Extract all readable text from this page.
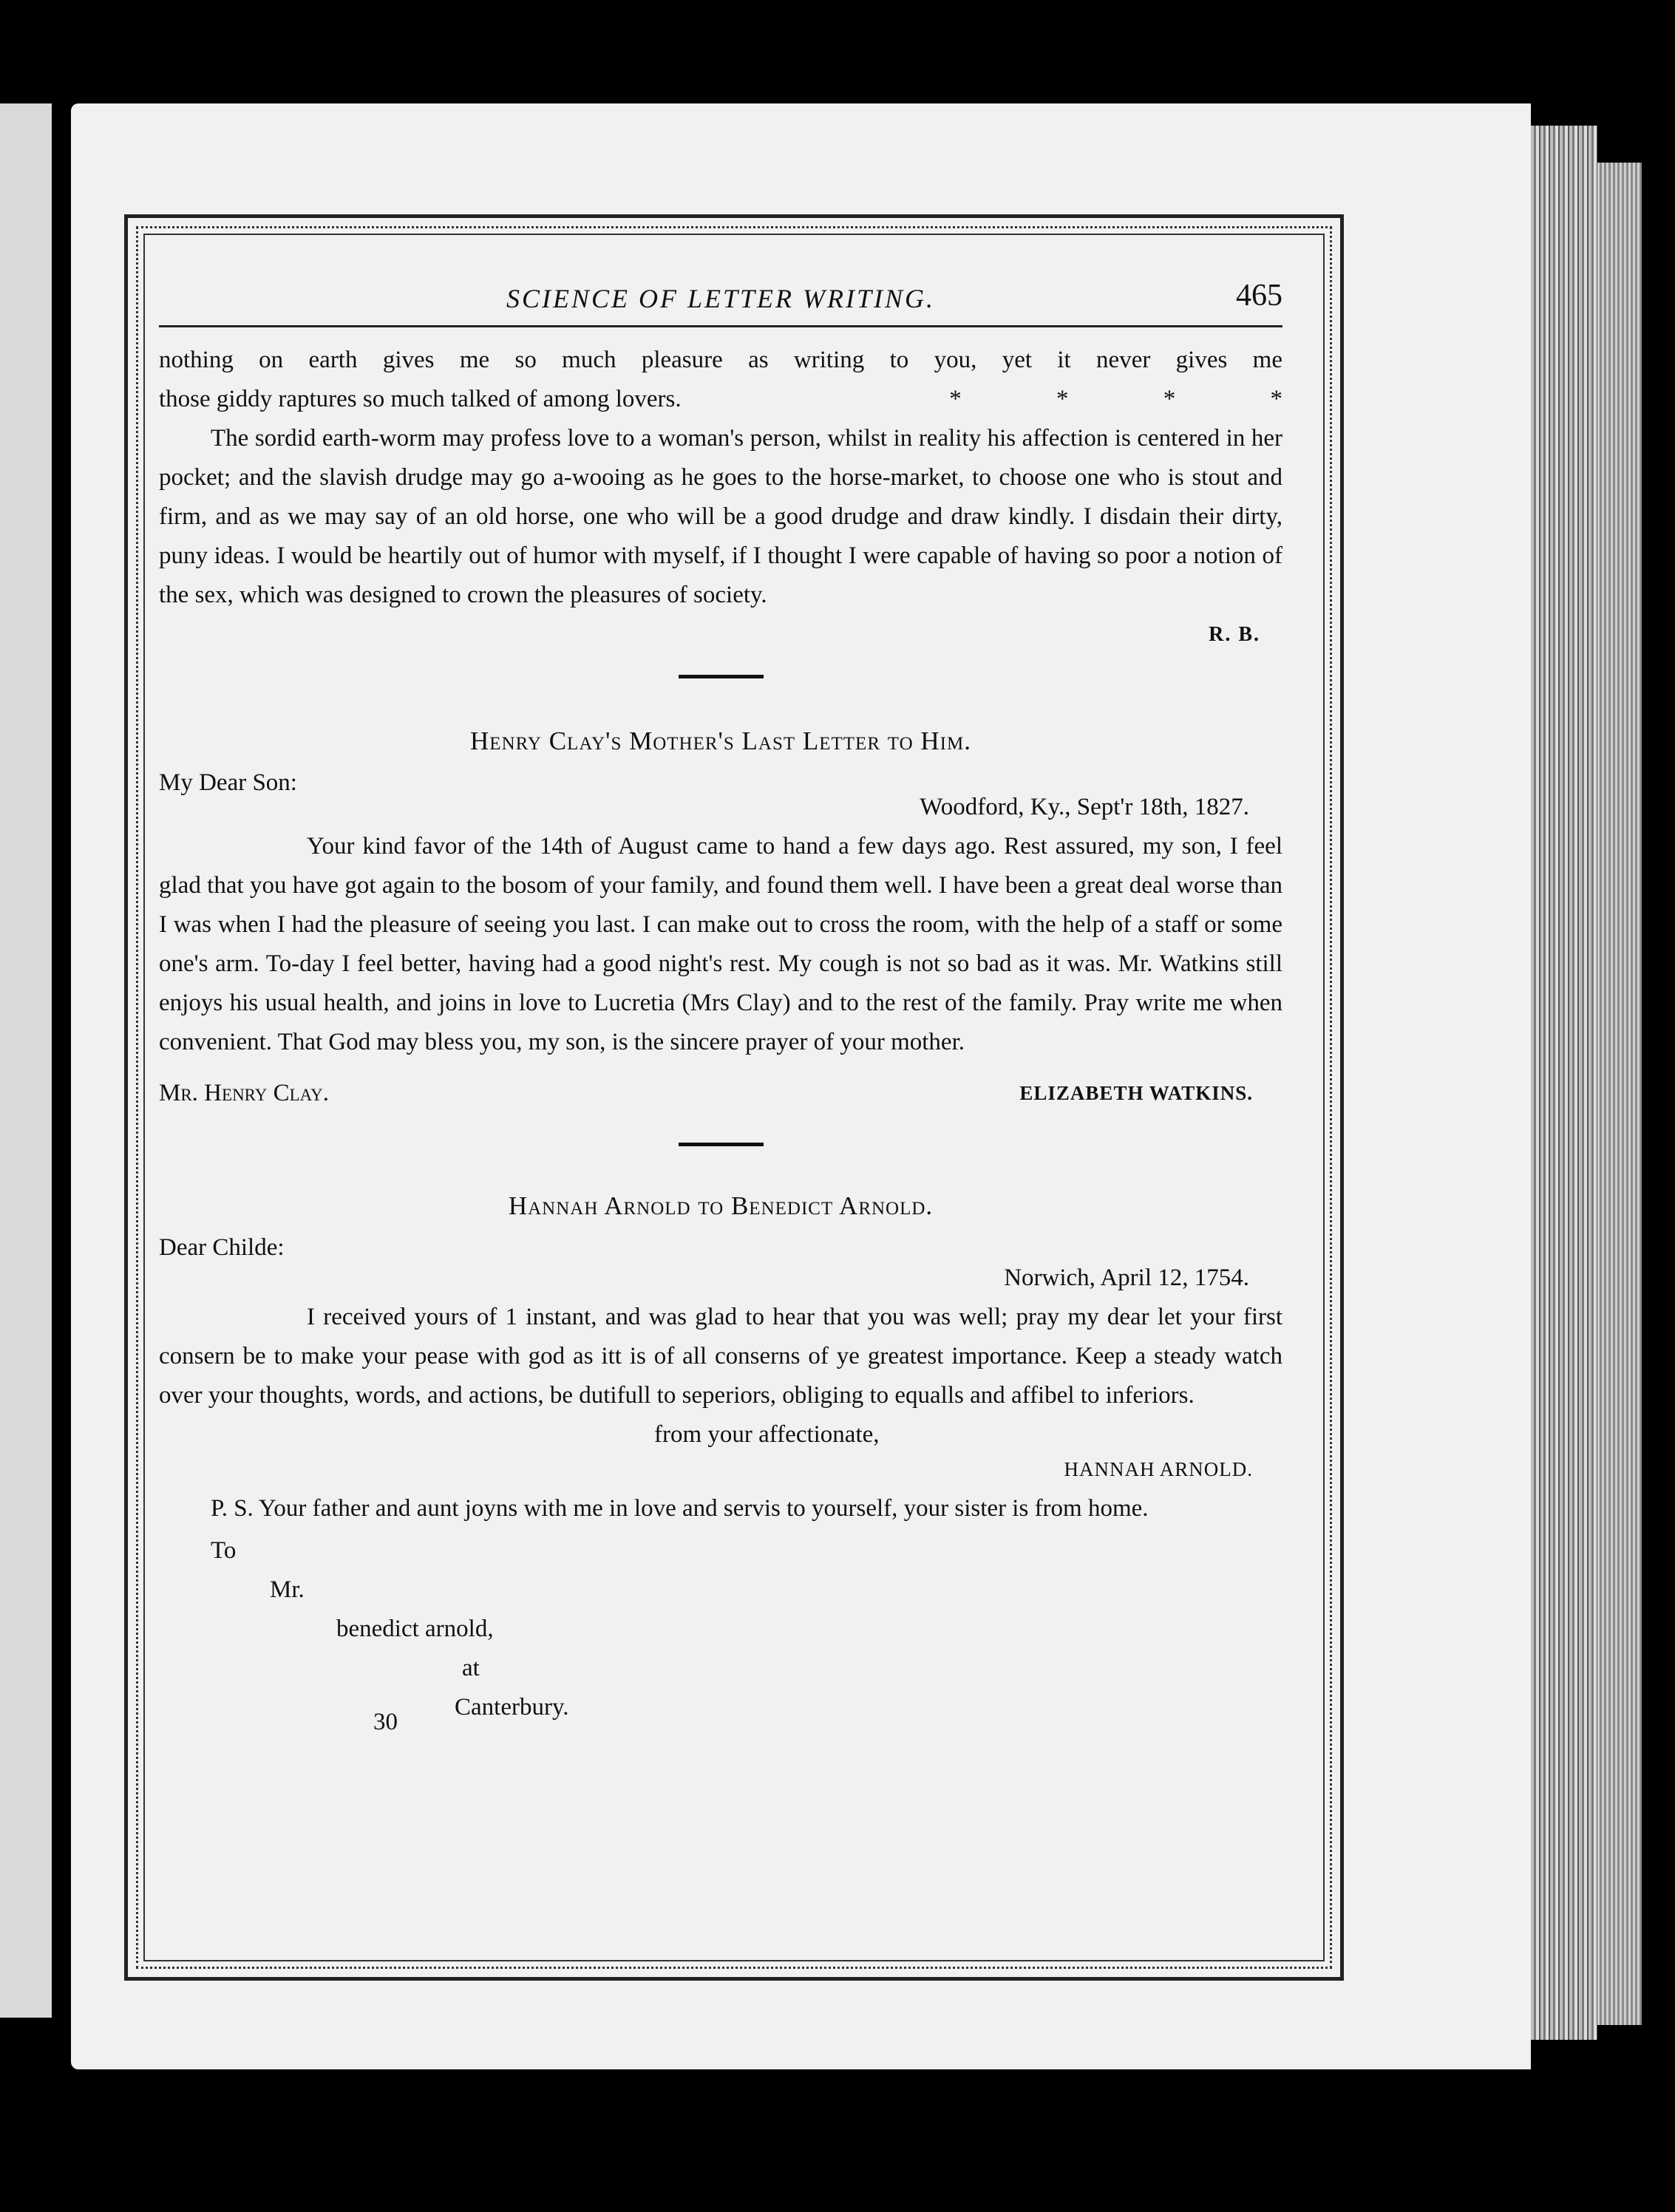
SCIENCE OF LETTER WRITING.	465

nothing on earth gives me so much pleasure as writing to you, yet it never gives me

those giddy raptures so much talked of among lovers.	* * * *

The sordid earth-worm may profess love to a woman's person, whilst in reality his affection is centered in her pocket; and the slavish drudge may go a-wooing as he goes to the horse-market, to choose one who is stout and firm, and as we may say of an old horse, one who will be a good drudge and draw kindly. I disdain their dirty, puny ideas. I would be heartily out of humor with myself, if I thought I were capable of having so poor a notion of the sex, which was designed to crown the pleasures of society.

R. B.
Henry Clay's Mother's Last Letter to Him.
My Dear Son:
Woodford, Ky., Sept'r 18th, 1827.

Your kind favor of the 14th of August came to hand a few days ago. Rest assured, my son, I feel glad that you have got again to the bosom of your family, and found them well. I have been a great deal worse than I was when I had the pleasure of seeing you last. I can make out to cross the room, with the help of a staff or some one's arm. To-day I feel better, having had a good night's rest. My cough is not so bad as it was. Mr. Watkins still enjoys his usual health, and joins in love to Lucretia (Mrs Clay) and to the rest of the family. Pray write me when convenient. That God may bless you, my son, is the sincere prayer of your mother.

Mr. Henry Clay.	ELIZABETH WATKINS.
Hannah Arnold to Benedict Arnold.
Dear Childe:
Norwich, April 12, 1754.

I received yours of 1 instant, and was glad to hear that you was well; pray my dear let your first consern be to make your pease with god as itt is of all conserns of ye greatest importance. Keep a steady watch over your thoughts, words, and actions, be dutifull to seperiors, obliging to equalls and affibel to inferiors.

from your affectionate,
HANNAH ARNOLD.

P. S. Your father and aunt joyns with me in love and servis to yourself, your sister is from home.

To
Mr.
benedict arnold,
at
30
Canterbury.
